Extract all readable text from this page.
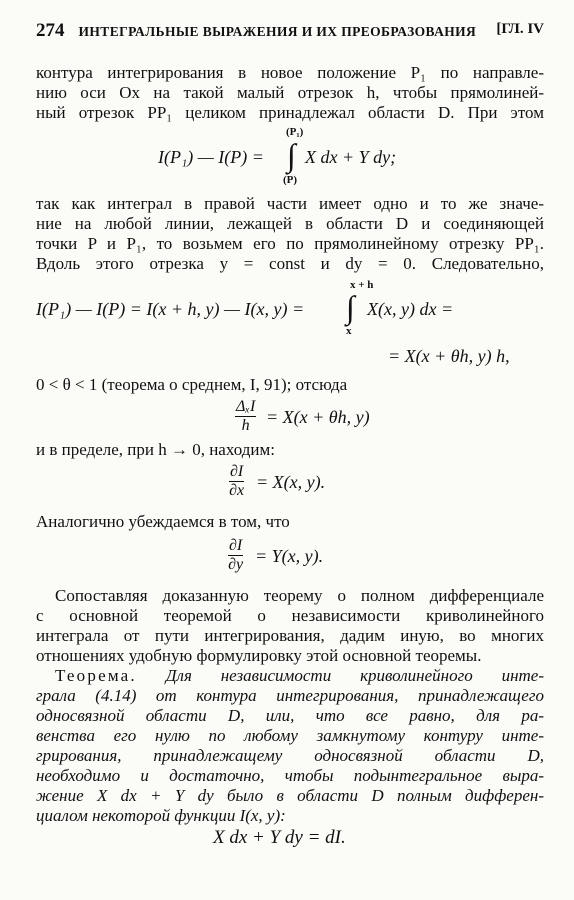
274 ИНТЕГРАЛЬНЫЕ ВЫРАЖЕНИЯ И ИХ ПРЕОБРАЗОВАНИЯ [ГЛ. IV
контура интегрирования в новое положение P₁ по направле-
нию оси Ox на такой малый отрезок h, чтобы прямолиней-
ный отрезок PP₁ целиком принадлежал области D. При этом
(P₁)
I(P₁) — I(P) = ∫ X dx + Y dy;
(P)
так как интеграл в правой части имеет одно и то же значе-
ние на любой линии, лежащей в области D и соединяющей
точки P и P₁, то возьмем его по прямолинейному отрезку PP₁.
Вдоль этого отрезка y = const и dy = 0. Следовательно,
x + h
I(P₁) — I(P) = I(x + h, y) — I(x, y) = ∫ X(x, y) dx =
x
= X(x + θh, y) h,
0 < θ < 1 (теорема о среднем, I, 91); отсюда
ΔₓI
h = X(x + θh, y)
и в пределе, при h → 0, находим:
$\frac{\partial I}{\partial x} = X(x$, y).
Аналогично убеждаемся в том, что
$\frac{\partial I}{\partial y} = Y(x$, y).
Сопоставляя доказанную теорему о полном дифференциале
с основной теоремой о независимости криволинейного
интеграла от пути интегрирования, дадим иную, во многих
отношениях удобную формулировку этой основной теоремы.
Теорема. Для независимости криволинейного инте-
грала (4.14) от контура интегрирования, принадлежащего
односвязной области D, или, что все равно, для ра-
венства его нулю по любому замкнутому контуру инте-
грирования, принадлежащему односвязной области D,
необходимо и достаточно, чтобы подынтегральное выра-
жение X dx + Y dy было в области D полным дифферен-
циалом некоторой функции I(x, y):
X dx + Y dy = dI.
